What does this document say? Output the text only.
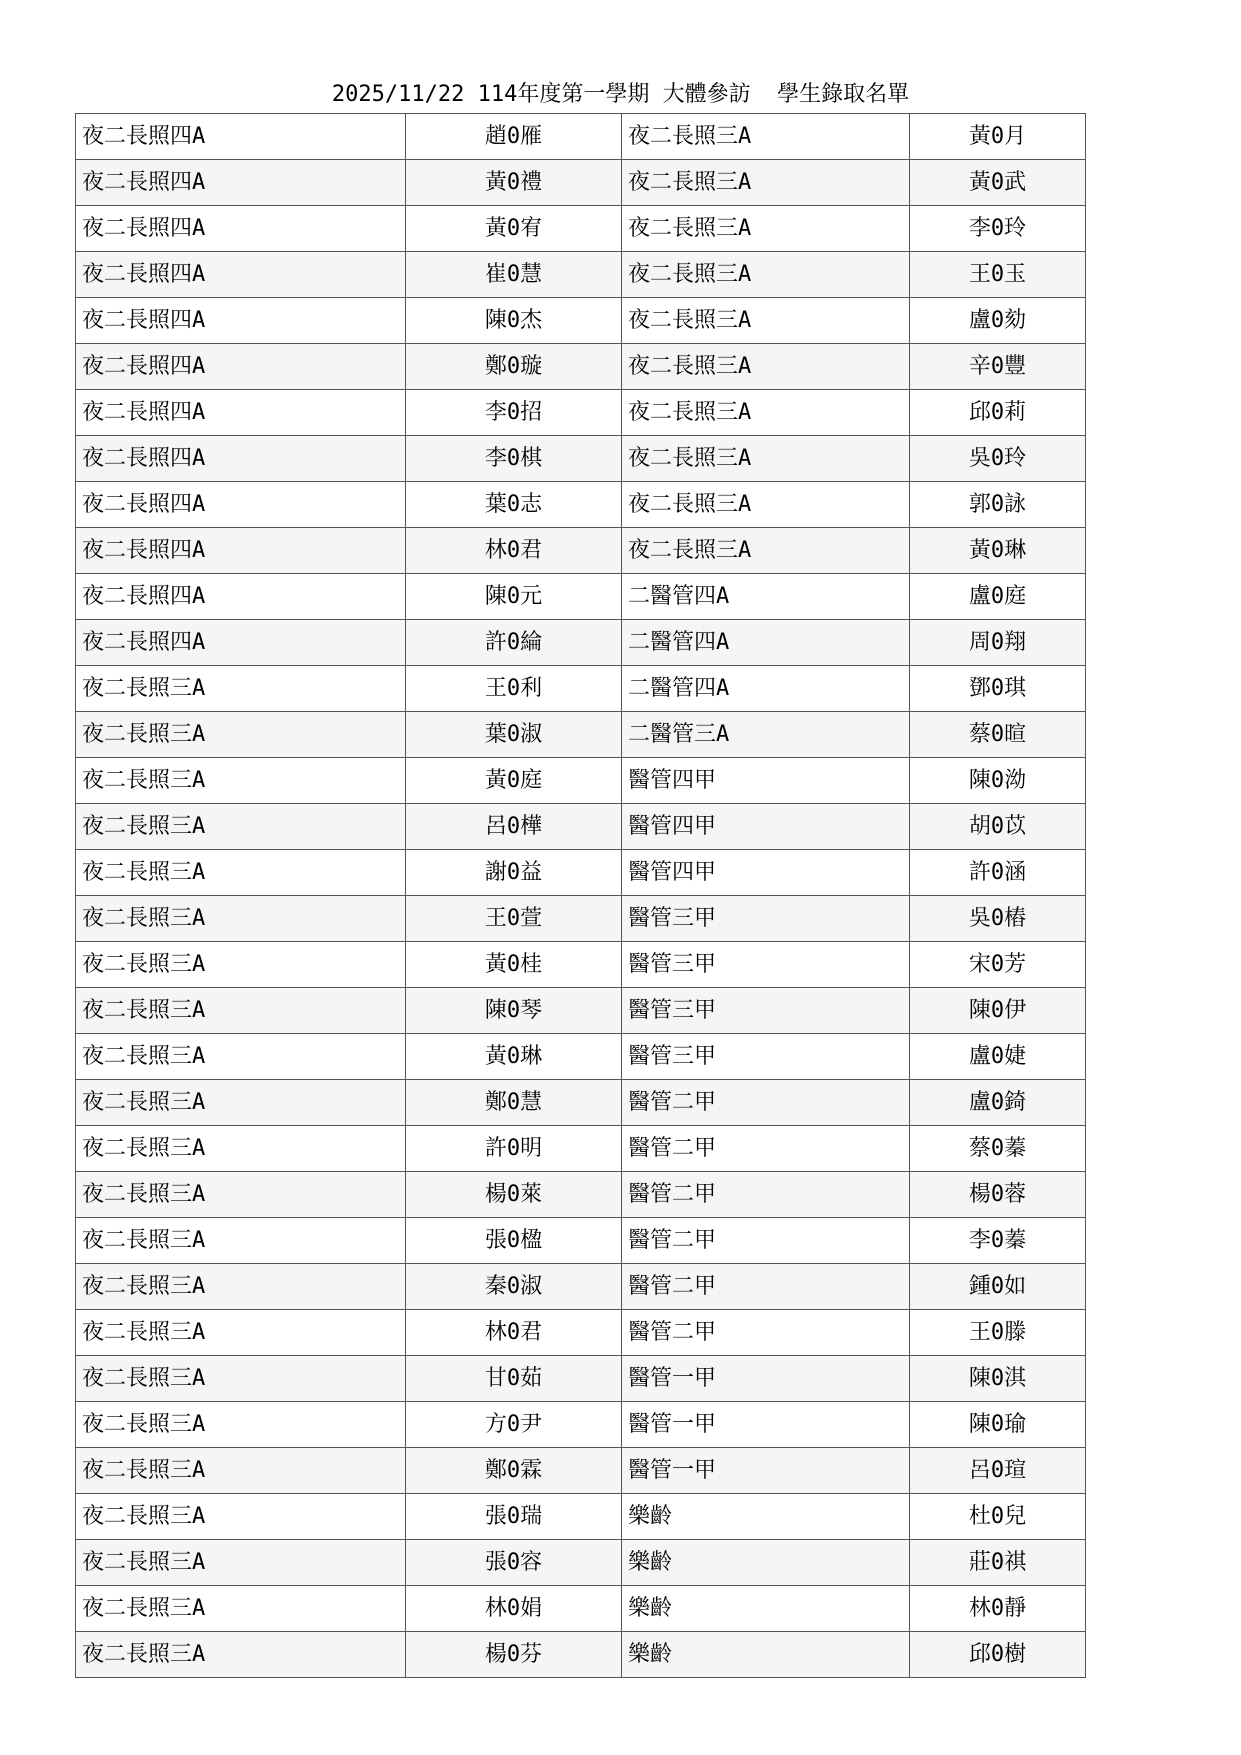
2025/11/22 114年度第一學期 大體參訪  學生錄取名單
夜二長照四A	趙0雁	夜二長照三A	黃0月
夜二長照四A	黃0禮	夜二長照三A	黃0武
夜二長照四A	黃0宥	夜二長照三A	李0玲
夜二長照四A	崔0慧	夜二長照三A	王0玉
夜二長照四A	陳0杰	夜二長照三A	盧0劾
夜二長照四A	鄭0璇	夜二長照三A	辛0豐
夜二長照四A	李0招	夜二長照三A	邱0莉
夜二長照四A	李0棋	夜二長照三A	吳0玲
夜二長照四A	葉0志	夜二長照三A	郭0詠
夜二長照四A	林0君	夜二長照三A	黃0琳
夜二長照四A	陳0元	二醫管四A	盧0庭
夜二長照四A	許0綸	二醫管四A	周0翔
夜二長照三A	王0利	二醫管四A	鄧0琪
夜二長照三A	葉0淑	二醫管三A	蔡0暄
夜二長照三A	黃0庭	醫管四甲	陳0泑
夜二長照三A	呂0樺	醫管四甲	胡0苡
夜二長照三A	謝0益	醫管四甲	許0涵
夜二長照三A	王0萱	醫管三甲	吳0樁
夜二長照三A	黃0桂	醫管三甲	宋0芳
夜二長照三A	陳0琴	醫管三甲	陳0伊
夜二長照三A	黃0琳	醫管三甲	盧0婕
夜二長照三A	鄭0慧	醫管二甲	盧0錡
夜二長照三A	許0明	醫管二甲	蔡0蓁
夜二長照三A	楊0萊	醫管二甲	楊0蓉
夜二長照三A	張0楹	醫管二甲	李0蓁
夜二長照三A	秦0淑	醫管二甲	鍾0如
夜二長照三A	林0君	醫管二甲	王0滕
夜二長照三A	甘0茹	醫管一甲	陳0淇
夜二長照三A	方0尹	醫管一甲	陳0瑜
夜二長照三A	鄭0霖	醫管一甲	呂0瑄
夜二長照三A	張0瑞	樂齡	杜0兒
夜二長照三A	張0容	樂齡	莊0祺
夜二長照三A	林0娟	樂齡	林0靜
夜二長照三A	楊0芬	樂齡	邱0樹
